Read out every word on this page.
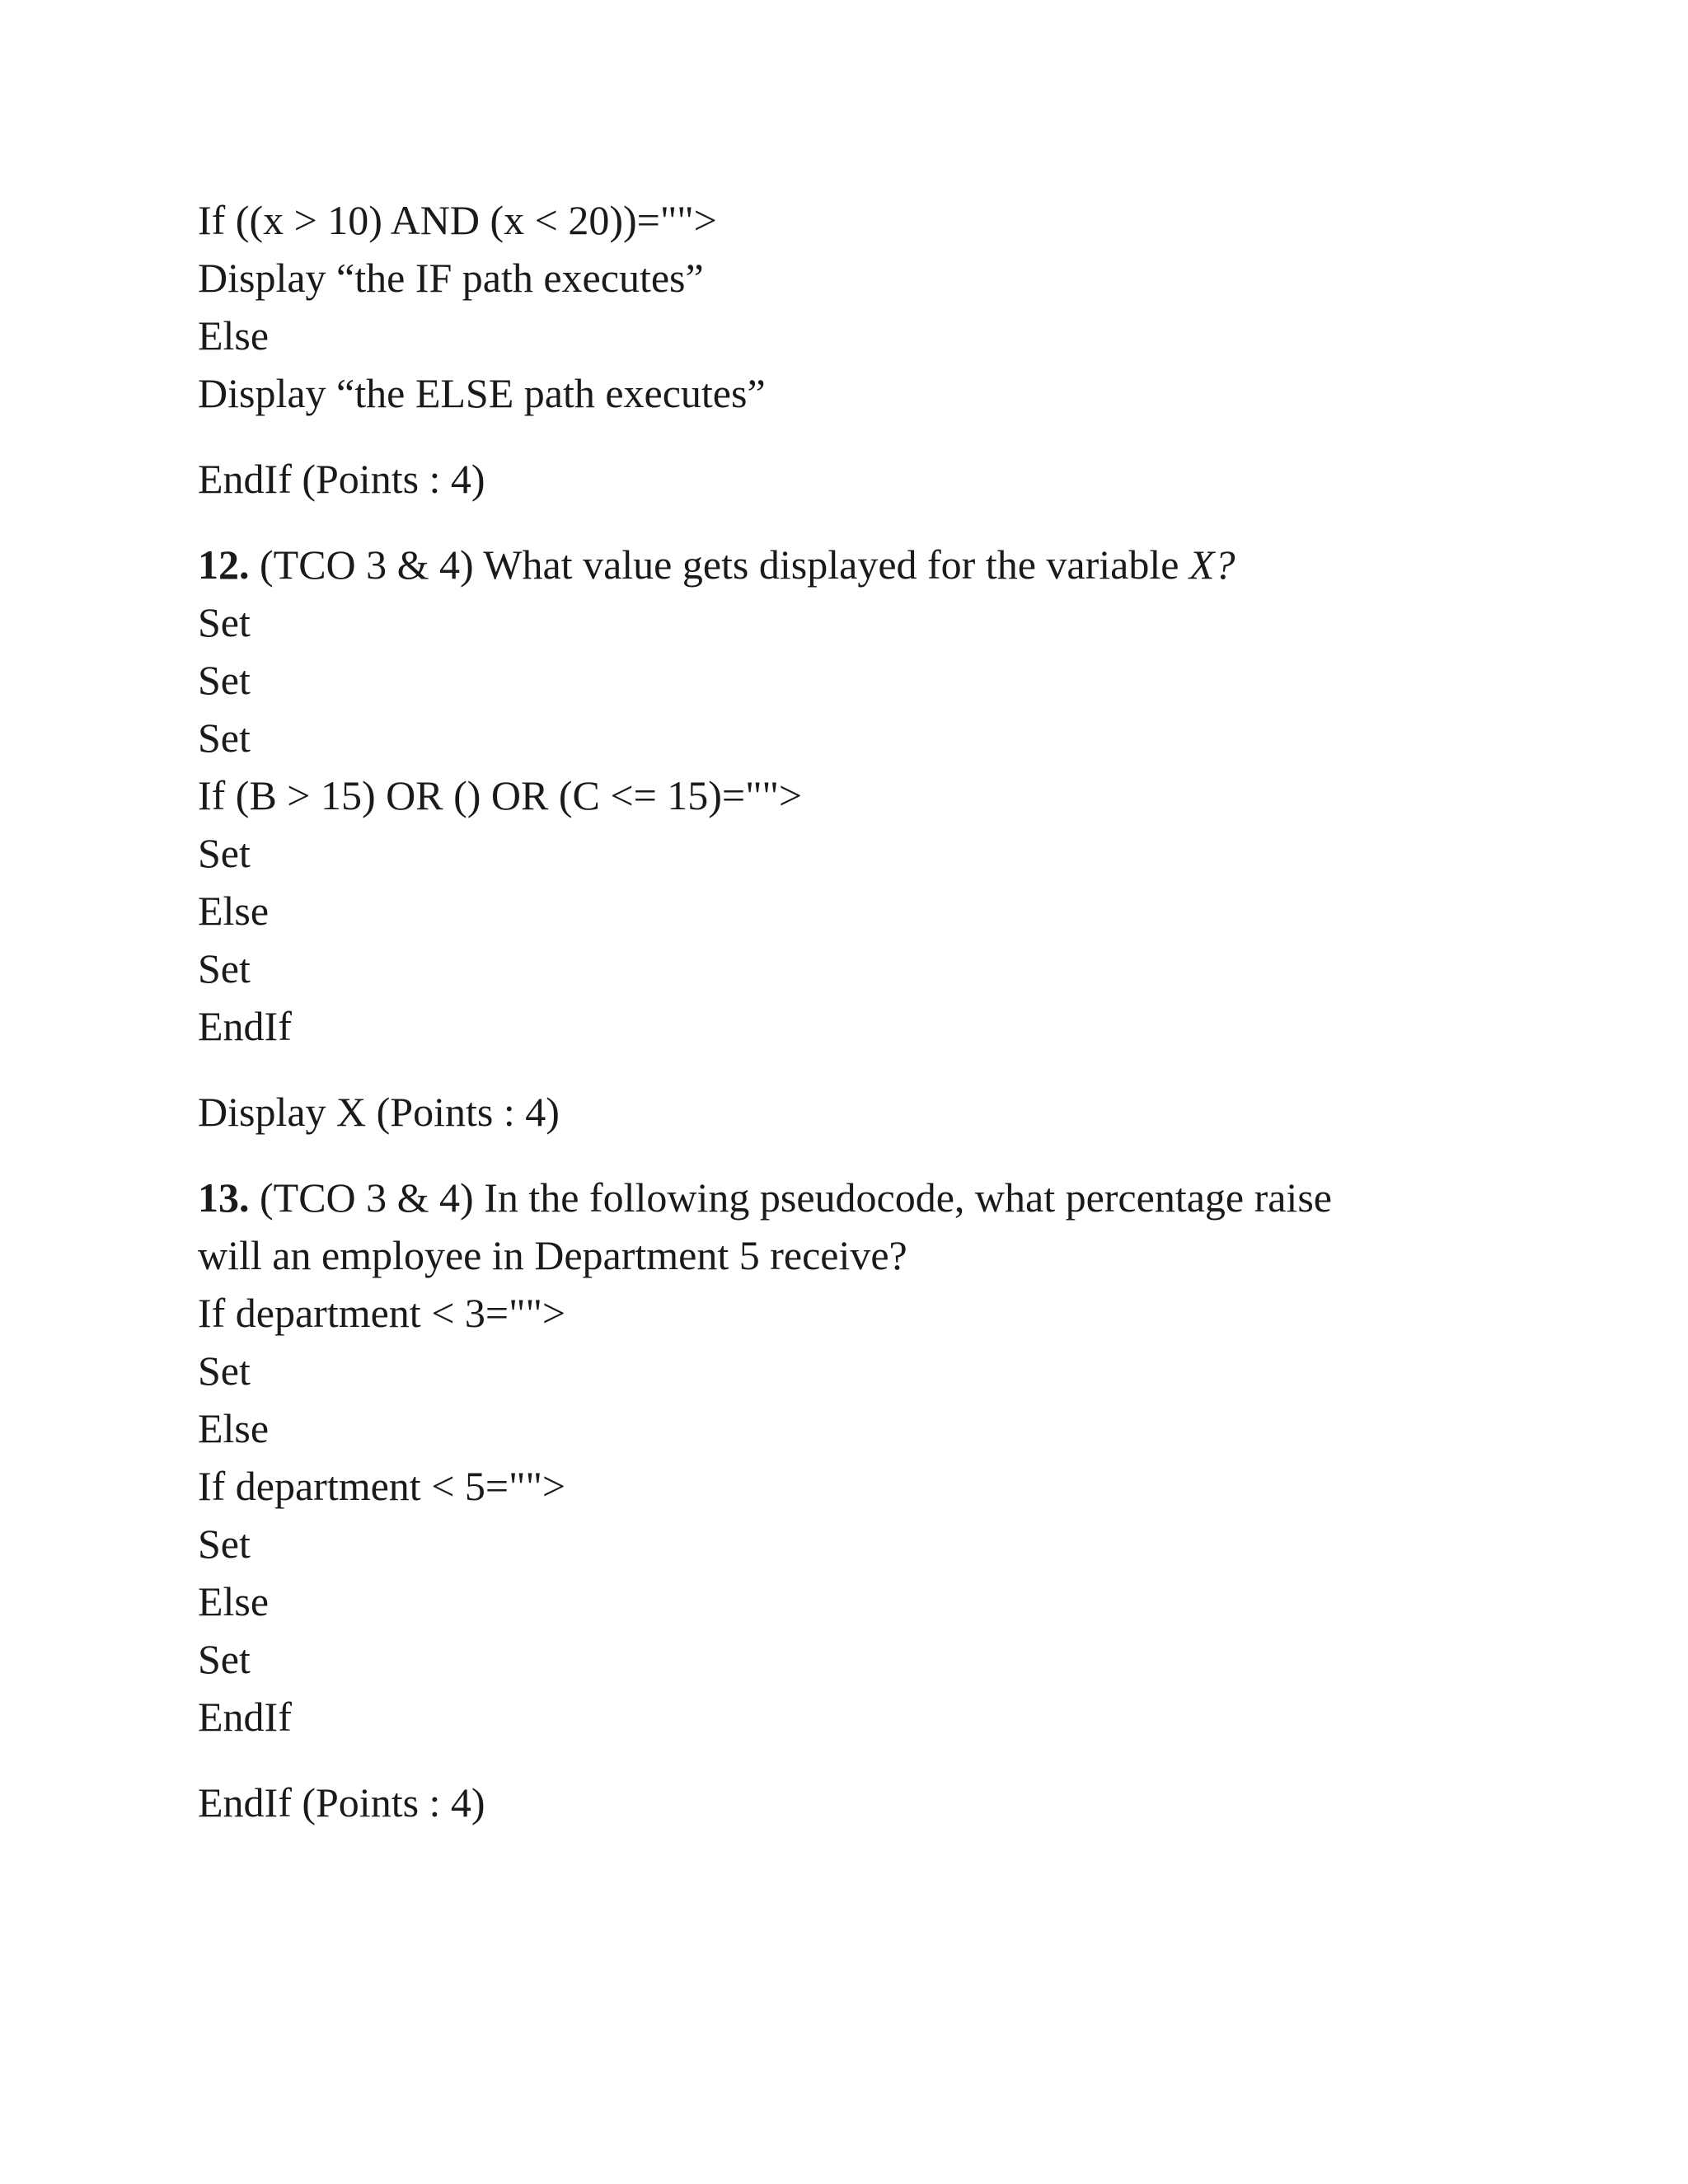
If ((x > 10) AND (x < 20))="">
Display “the IF path executes”
Else
Display “the ELSE path executes”
EndIf (Points : 4)
12. (TCO 3 & 4) What value gets displayed for the variable X?
Set
Set
Set
If (B > 15) OR () OR (C <= 15)="">
Set
Else
Set
EndIf
Display X (Points : 4)
13. (TCO 3 & 4) In the following pseudocode, what percentage raise
will an employee in Department 5 receive?
If department < 3="">
Set
Else
If department < 5="">
Set
Else
Set
EndIf
EndIf (Points : 4)
